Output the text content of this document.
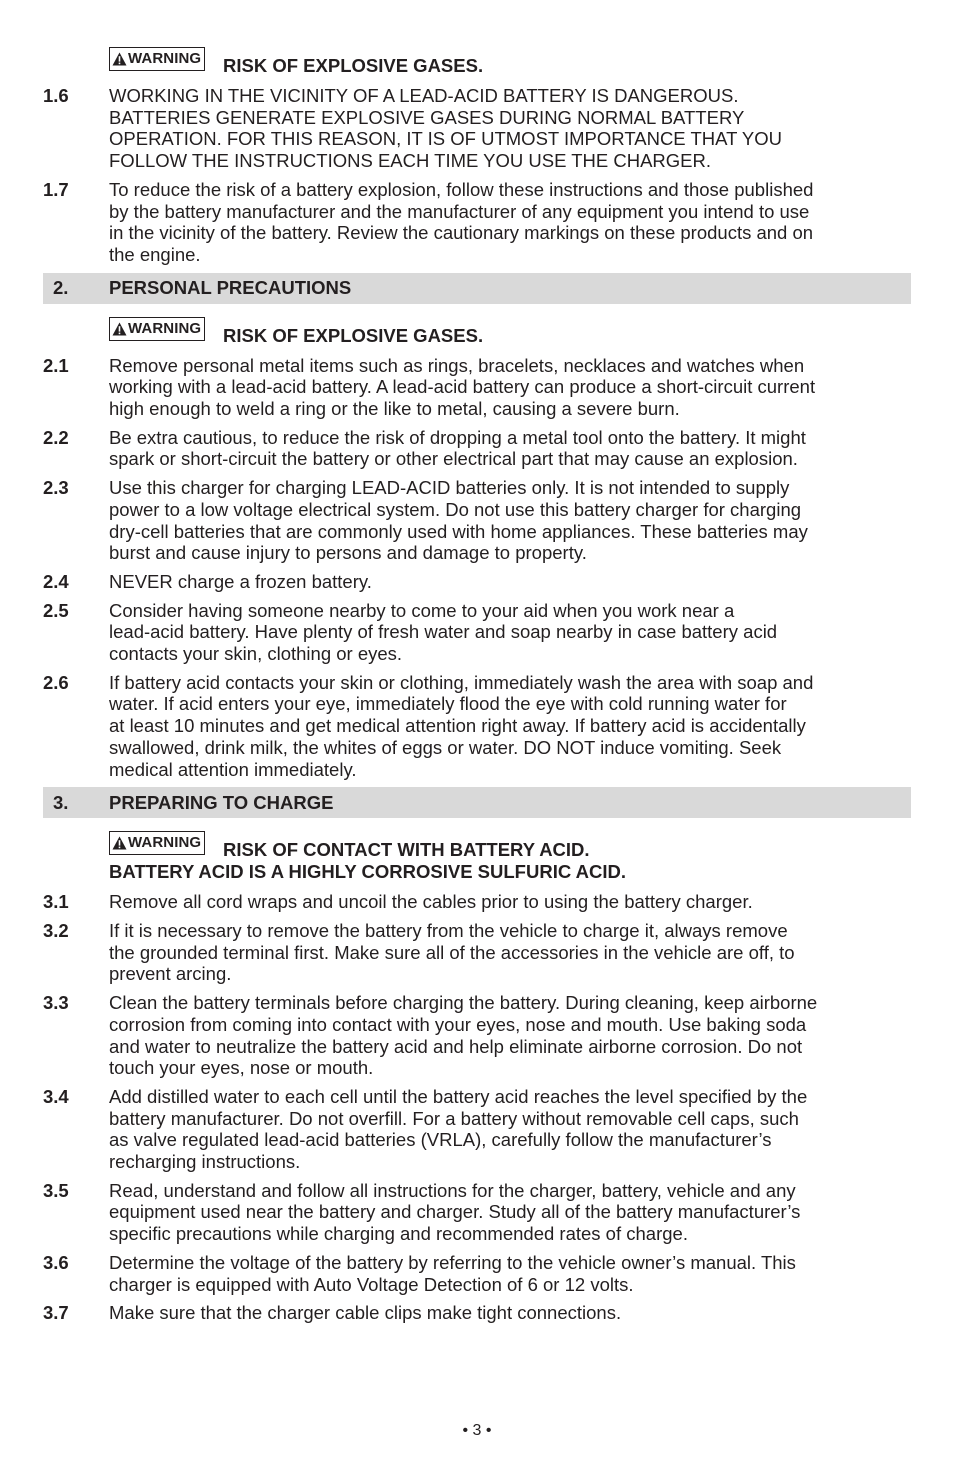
WARNING	RISK OF EXPLOSIVE GASES.
1.6	WORKING IN THE VICINITY OF A LEAD-ACID BATTERY IS DANGEROUS.
BATTERIES GENERATE EXPLOSIVE GASES DURING NORMAL BATTERY
OPERATION. FOR THIS REASON, IT IS OF UTMOST IMPORTANCE THAT YOU
FOLLOW THE INSTRUCTIONS EACH TIME YOU USE THE CHARGER.
1.7	To reduce the risk of a battery explosion, follow these instructions and those published
by the battery manufacturer and the manufacturer of any equipment you intend to use
in the vicinity of the battery. Review the cautionary markings on these products and on
the engine.
2.	PERSONAL PRECAUTIONS
WARNING	RISK OF EXPLOSIVE GASES.
2.1	Remove personal metal items such as rings, bracelets, necklaces and watches when
working with a lead-acid battery. A lead-acid battery can produce a short-circuit current
high enough to weld a ring or the like to metal, causing a severe burn.
2.2	Be extra cautious, to reduce the risk of dropping a metal tool onto the battery. It might
spark or short-circuit the battery or other electrical part that may cause an explosion.
2.3	Use this charger for charging LEAD-ACID batteries only. It is not intended to supply
power to a low voltage electrical system. Do not use this battery charger for charging
dry-cell batteries that are commonly used with home appliances. These batteries may
burst and cause injury to persons and damage to property.
2.4	NEVER charge a frozen battery.
2.5	Consider having someone nearby to come to your aid when you work near a
lead-acid battery. Have plenty of fresh water and soap nearby in case battery acid
contacts your skin, clothing or eyes.
2.6	If battery acid contacts your skin or clothing, immediately wash the area with soap and
water. If acid enters your eye, immediately flood the eye with cold running water for
at least 10 minutes and get medical attention right away. If battery acid is accidentally
swallowed, drink milk, the whites of eggs or water. DO NOT induce vomiting. Seek
medical attention immediately.
3.	PREPARING TO CHARGE
WARNING	RISK OF CONTACT WITH BATTERY ACID.
BATTERY ACID IS A HIGHLY CORROSIVE SULFURIC ACID.
3.1	Remove all cord wraps and uncoil the cables prior to using the battery charger.
3.2	If it is necessary to remove the battery from the vehicle to charge it, always remove
the grounded terminal first. Make sure all of the accessories in the vehicle are off, to
prevent arcing.
3.3	Clean the battery terminals before charging the battery. During cleaning, keep airborne
corrosion from coming into contact with your eyes, nose and mouth. Use baking soda
and water to neutralize the battery acid and help eliminate airborne corrosion. Do not
touch your eyes, nose or mouth.
3.4	Add distilled water to each cell until the battery acid reaches the level specified by the
battery manufacturer. Do not overfill. For a battery without removable cell caps, such
as valve regulated lead-acid batteries (VRLA), carefully follow the manufacturer’s
recharging instructions.
3.5	Read, understand and follow all instructions for the charger, battery, vehicle and any
equipment used near the battery and charger. Study all of the battery manufacturer’s
specific precautions while charging and recommended rates of charge.
3.6	Determine the voltage of the battery by referring to the vehicle owner’s manual. This
charger is equipped with Auto Voltage Detection of 6 or 12 volts.
3.7	Make sure that the charger cable clips make tight connections.
• 3 •
